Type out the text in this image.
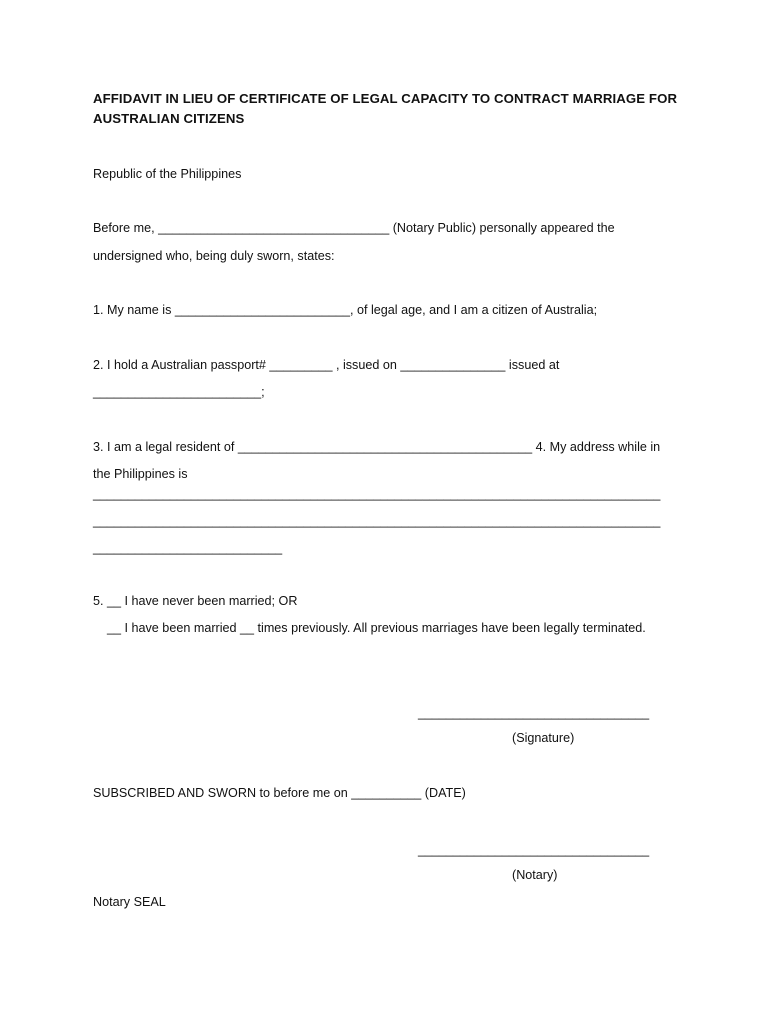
AFFIDAVIT IN LIEU OF CERTIFICATE OF LEGAL CAPACITY TO CONTRACT MARRIAGE FOR AUSTRALIAN CITIZENS

Republic of the Philippines

Before me, _________________________________ (Notary Public) personally appeared the

undersigned who, being duly sworn, states:

1. My name is _________________________, of legal age, and I am a citizen of Australia;

2. I hold a Australian passport# _________ , issued on _______________ issued at

________________________;

3. I am a legal resident of __________________________________________ 4. My address while in

the Philippines is

_________________________________________________________________________________

_________________________________________________________________________________

___________________________

5. __ I have never been married; OR

__ I have been married __ times previously. All previous marriages have been legally terminated.

_________________________________

(Signature)

SUBSCRIBED AND SWORN to before me on __________ (DATE)

_________________________________

(Notary)

Notary SEAL
